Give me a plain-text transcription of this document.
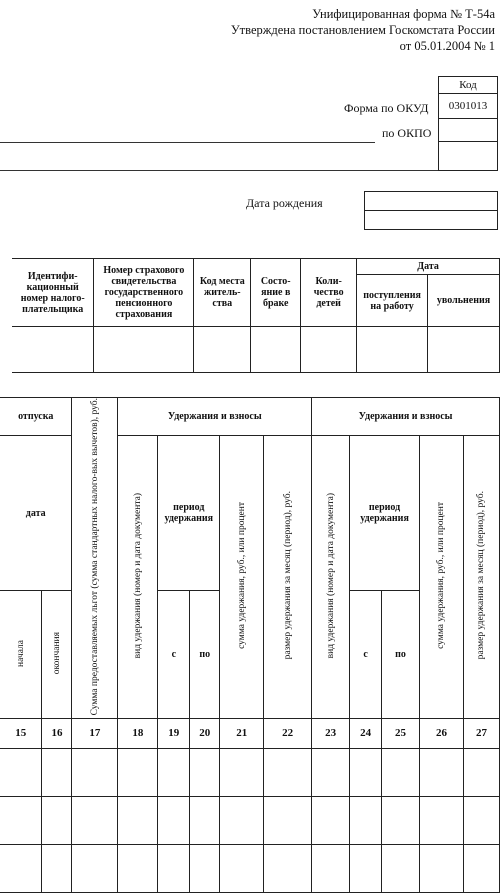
Унифицированная форма № Т-54а
Утверждена постановлением Госкомстата России
от 05.01.2004 № 1
Код
Форма по ОКУД	0301013
по ОКПО
Дата рождения
Идентифи-кационный номер налого-плательщика	Номер страхового свидетельства государственного пенсионного страхования	Код места житель-ства	Состо-яние в браке	Коли-чество детей	Дата	
					поступления на работу	увольнения

отпуска		Сумма предоставляемых льгот (сумма стандартных налого-вых вычетов), руб.	Удержания и взносы					Удержания и взносы				
дата			вид удержания (номер и дата документа)	период удержания		сумма удержания, руб., или процент	размер удержания за месяц (период), руб.	вид удержания (номер и дата документа)	период удержания		сумма удержания, руб., или процент	размер удержания за месяц (период), руб.
начала	окончания			с	по				с	по		
15	16	17	18	19	20	21	22	23	24	25	26	27
